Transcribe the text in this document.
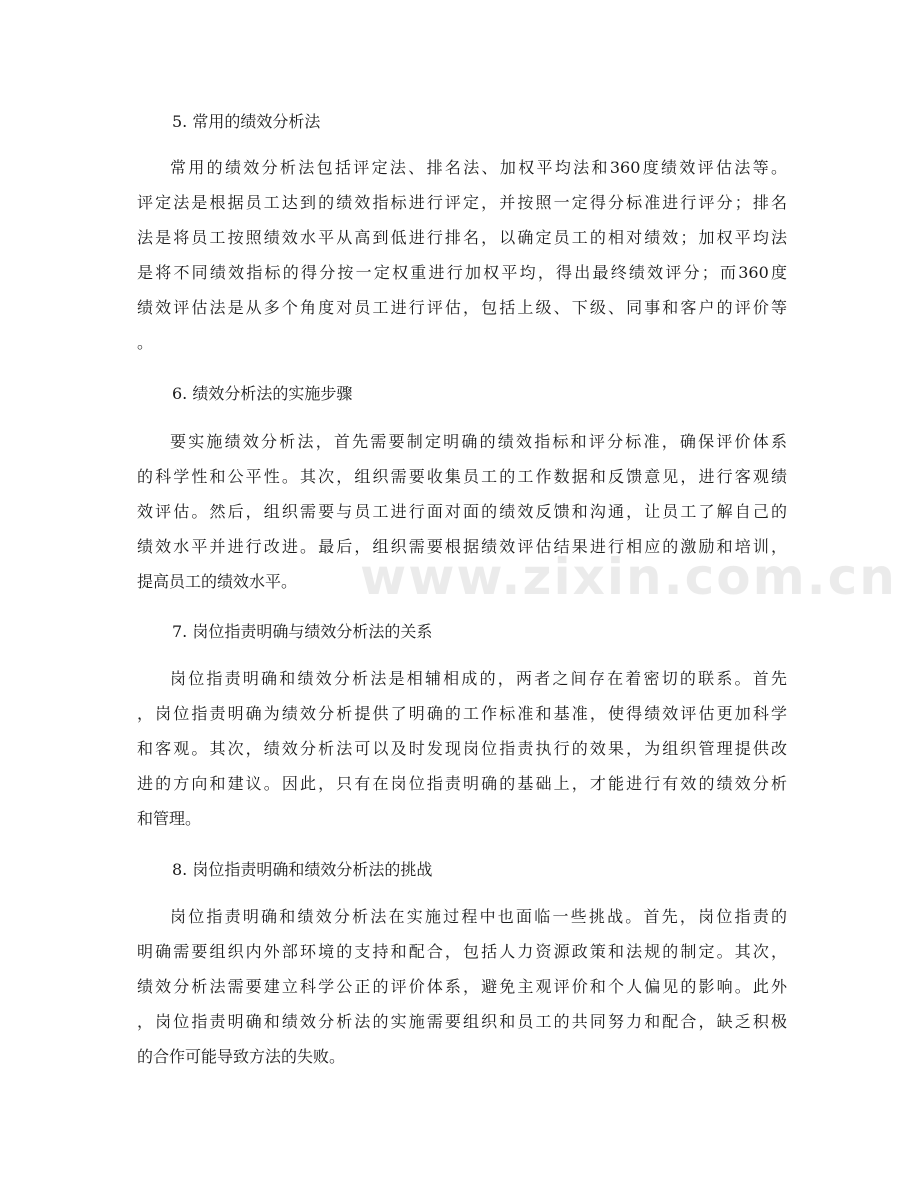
5. 常用的绩效分析法
常用的绩效分析法包括评定法、排名法、加权平均法和360度绩效评估法等。
评定法是根据员工达到的绩效指标进行评定，并按照一定得分标准进行评分；排名
法是将员工按照绩效水平从高到低进行排名，以确定员工的相对绩效；加权平均法
是将不同绩效指标的得分按一定权重进行加权平均，得出最终绩效评分；而360度
绩效评估法是从多个角度对员工进行评估，包括上级、下级、同事和客户的评价等
。
6. 绩效分析法的实施步骤
要实施绩效分析法，首先需要制定明确的绩效指标和评分标准，确保评价体系
的科学性和公平性。其次，组织需要收集员工的工作数据和反馈意见，进行客观绩
效评估。然后，组织需要与员工进行面对面的绩效反馈和沟通，让员工了解自己的
绩效水平并进行改进。最后，组织需要根据绩效评估结果进行相应的激励和培训，
提高员工的绩效水平。
7. 岗位指责明确与绩效分析法的关系
岗位指责明确和绩效分析法是相辅相成的，两者之间存在着密切的联系。首先
，岗位指责明确为绩效分析提供了明确的工作标准和基准，使得绩效评估更加科学
和客观。其次，绩效分析法可以及时发现岗位指责执行的效果，为组织管理提供改
进的方向和建议。因此，只有在岗位指责明确的基础上，才能进行有效的绩效分析
和管理。
8. 岗位指责明确和绩效分析法的挑战
岗位指责明确和绩效分析法在实施过程中也面临一些挑战。首先，岗位指责的
明确需要组织内外部环境的支持和配合，包括人力资源政策和法规的制定。其次，
绩效分析法需要建立科学公正的评价体系，避免主观评价和个人偏见的影响。此外
，岗位指责明确和绩效分析法的实施需要组织和员工的共同努力和配合，缺乏积极
的合作可能导致方法的失败。
www.zixin.com.cn
